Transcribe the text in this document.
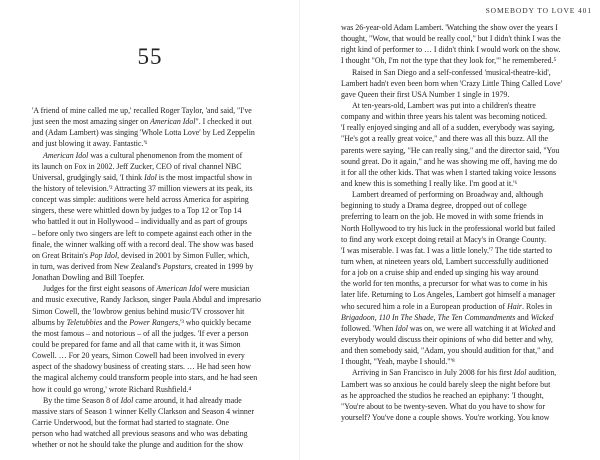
55
'A friend of mine called me up,' recalled Roger Taylor, 'and said, "I've
just seen the most amazing singer on American Idol". I checked it out
and (Adam Lambert) was singing 'Whole Lotta Love' by Led Zeppelin
and just blowing it away. Fantastic.'¹
American Idol was a cultural phenomenon from the moment of
its launch on Fox in 2002. Jeff Zucker, CEO of rival channel NBC
Universal, grudgingly said, 'I think Idol is the most impactful show in
the history of television.'² Attracting 37 million viewers at its peak, its
concept was simple: auditions were held across America for aspiring
singers, these were whittled down by judges to a Top 12 or Top 14
who battled it out in Hollywood – individually and as part of groups
– before only two singers are left to compete against each other in the
finale, the winner walking off with a record deal. The show was based
on Great Britain's Pop Idol, devised in 2001 by Simon Fuller, which,
in turn, was derived from New Zealand's Popstars, created in 1999 by
Jonathan Dowling and Bill Toepfer.
Judges for the first eight seasons of American Idol were musician
and music executive, Randy Jackson, singer Paula Abdul and impresario
Simon Cowell, the 'lowbrow genius behind music/TV crossover hit
albums by Teletubbies and the Power Rangers,'³ who quickly became
the most famous – and notorious – of all the judges. 'If ever a person
could be prepared for fame and all that came with it, it was Simon
Cowell. … For 20 years, Simon Cowell had been involved in every
aspect of the shadowy business of creating stars. … He had seen how
the magical alchemy could transform people into stars, and he had seen
how it could go wrong,' wrote Richard Rushfield.⁴
By the time Season 8 of Idol came around, it had already made
massive stars of Season 1 winner Kelly Clarkson and Season 4 winner
Carrie Underwood, but the format had started to stagnate. One
person who had watched all previous seasons and who was debating
whether or not he should take the plunge and audition for the show
SOMEBODY TO LOVE 401
was 26-year-old Adam Lambert. 'Watching the show over the years I
thought, "Wow, that would be really cool," but I didn't think I was the
right kind of performer to … I didn't think I would work on the show.
I thought "Oh, I'm not the type that they look for,"' he remembered.⁵
Raised in San Diego and a self-confessed 'musical-theatre-kid',
Lambert hadn't even been born when 'Crazy Little Thing Called Love'
gave Queen their first USA Number 1 single in 1979.
At ten-years-old, Lambert was put into a children's theatre
company and within three years his talent was becoming noticed.
'I really enjoyed singing and all of a sudden, everybody was saying,
"He's got a really great voice," and there was all this buzz. All the
parents were saying, "He can really sing," and the director said, "You
sound great. Do it again," and he was showing me off, having me do
it for all the other kids. That was when I started taking voice lessons
and knew this is something I really like. I'm good at it.'⁶
Lambert dreamed of performing on Broadway and, although
beginning to study a Drama degree, dropped out of college
preferring to learn on the job. He moved in with some friends in
North Hollywood to try his luck in the professional world but failed
to find any work except doing retail at Macy's in Orange County.
'I was miserable. I was fat. I was a little lonely.'⁷ The tide started to
turn when, at nineteen years old, Lambert successfully auditioned
for a job on a cruise ship and ended up singing his way around
the world for ten months, a precursor for what was to come in his
later life. Returning to Los Angeles, Lambert got himself a manager
who secured him a role in a European production of Hair. Roles in
Brigadoon, 110 In The Shade, The Ten Commandments and Wicked
followed. 'When Idol was on, we were all watching it at Wicked and
everybody would discuss their opinions of who did better and why,
and then somebody said, "Adam, you should audition for that," and
I thought, "Yeah, maybe I should."'⁸
Arriving in San Francisco in July 2008 for his first Idol audition,
Lambert was so anxious he could barely sleep the night before but
as he approached the studios he reached an epiphany: 'I thought,
"You're about to be twenty-seven. What do you have to show for
yourself? You've done a couple shows. You're working. You know
